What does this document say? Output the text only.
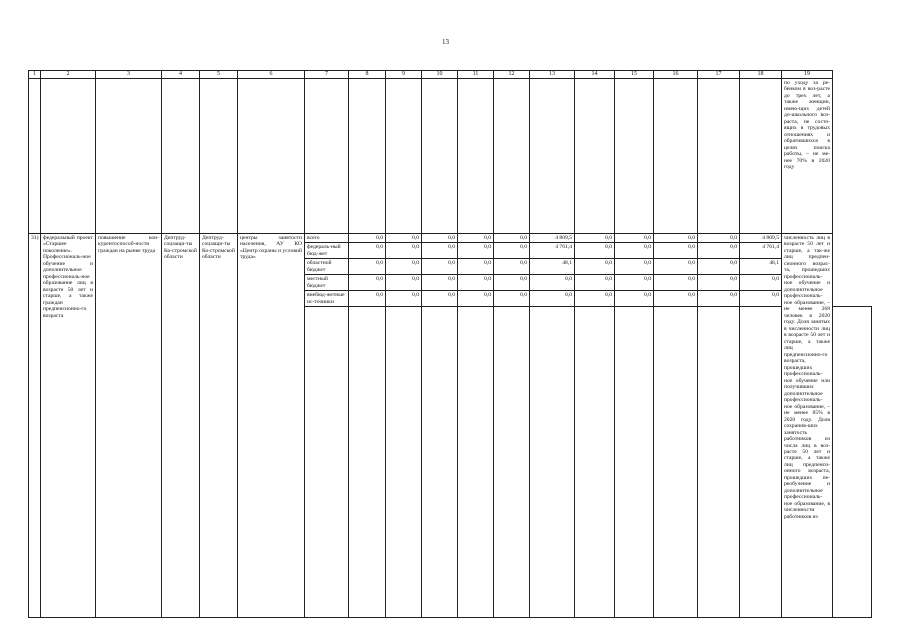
13
1	2	3	4	5	6	7	8	9	10	11	12	13	14	15	16	17	18	19	
																		по уходу за ре-бенком в воз-расте до трех лет, а также женщин, имею-щих детей до-школьного воз-раста, не состо-ящих в трудовых отношениях и обратившихся в целях поиска работы, – не ме-нее 70% в 2020 году	
31)	федеральный проект «Старшее поколение». Профессиональ-ное обучение и дополнительное профессиональ-ное образование лиц в возрасте 50 лет и старше, а также граждан предпенсионно-го возраста	повышение кон-курентоспособ-ности граждан на рынке труда	Дептруд-соцзащи-ты Ко-стромской области	Дептруд-соцзащи-ты Ко-стромской области	центры занятости населения, АУ КО «Центр охраны и условий труда»	всего	0,0	0,0	0,0	0,0	0,0	4 809,5	0,0	0,0	0,0	0,0	4 809,5	численность лиц в возрасте 50 лет и старше, а так-же лиц предпен-сионного возрас-та, прошедших профессиональ-ное обучение и дополнительное профессиональ-ное образование, – не менее 268 человек в 2020 году. Доля занятых в численности лиц в возрасте 50 лет и старше, а также лиц предпенсионно-го возраста, прошедших профессиональ-ное обучение или получивших дополнительное профессиональ-ное образование, – не менее 85% в 2020 году. Доля сохранив-ших занятость работников из числа лиц в воз-расте 50 лет и старше, а также лиц предпенси-онного возраста, прошедших пе-реобучение и дополнительное профессиональ-ное образование, в численности работников из	
						федераль-ный бюд-жет	0,0	0,0	0,0	0,0	0,0	4 761,4	0,0	0,0	0,0	0,0	4 761,4		
						областной бюджет	0,0	0,0	0,0	0,0	0,0	48,1	0,0	0,0	0,0	0,0	48,1		
						местный бюджет	0,0	0,0	0,0	0,0	0,0	0,0	0,0	0,0	0,0	0,0	0,0		
						внебюд-жетные ис-точники	0,0	0,0	0,0	0,0	0,0	0,0	0,0	0,0	0,0	0,0	0,0		
